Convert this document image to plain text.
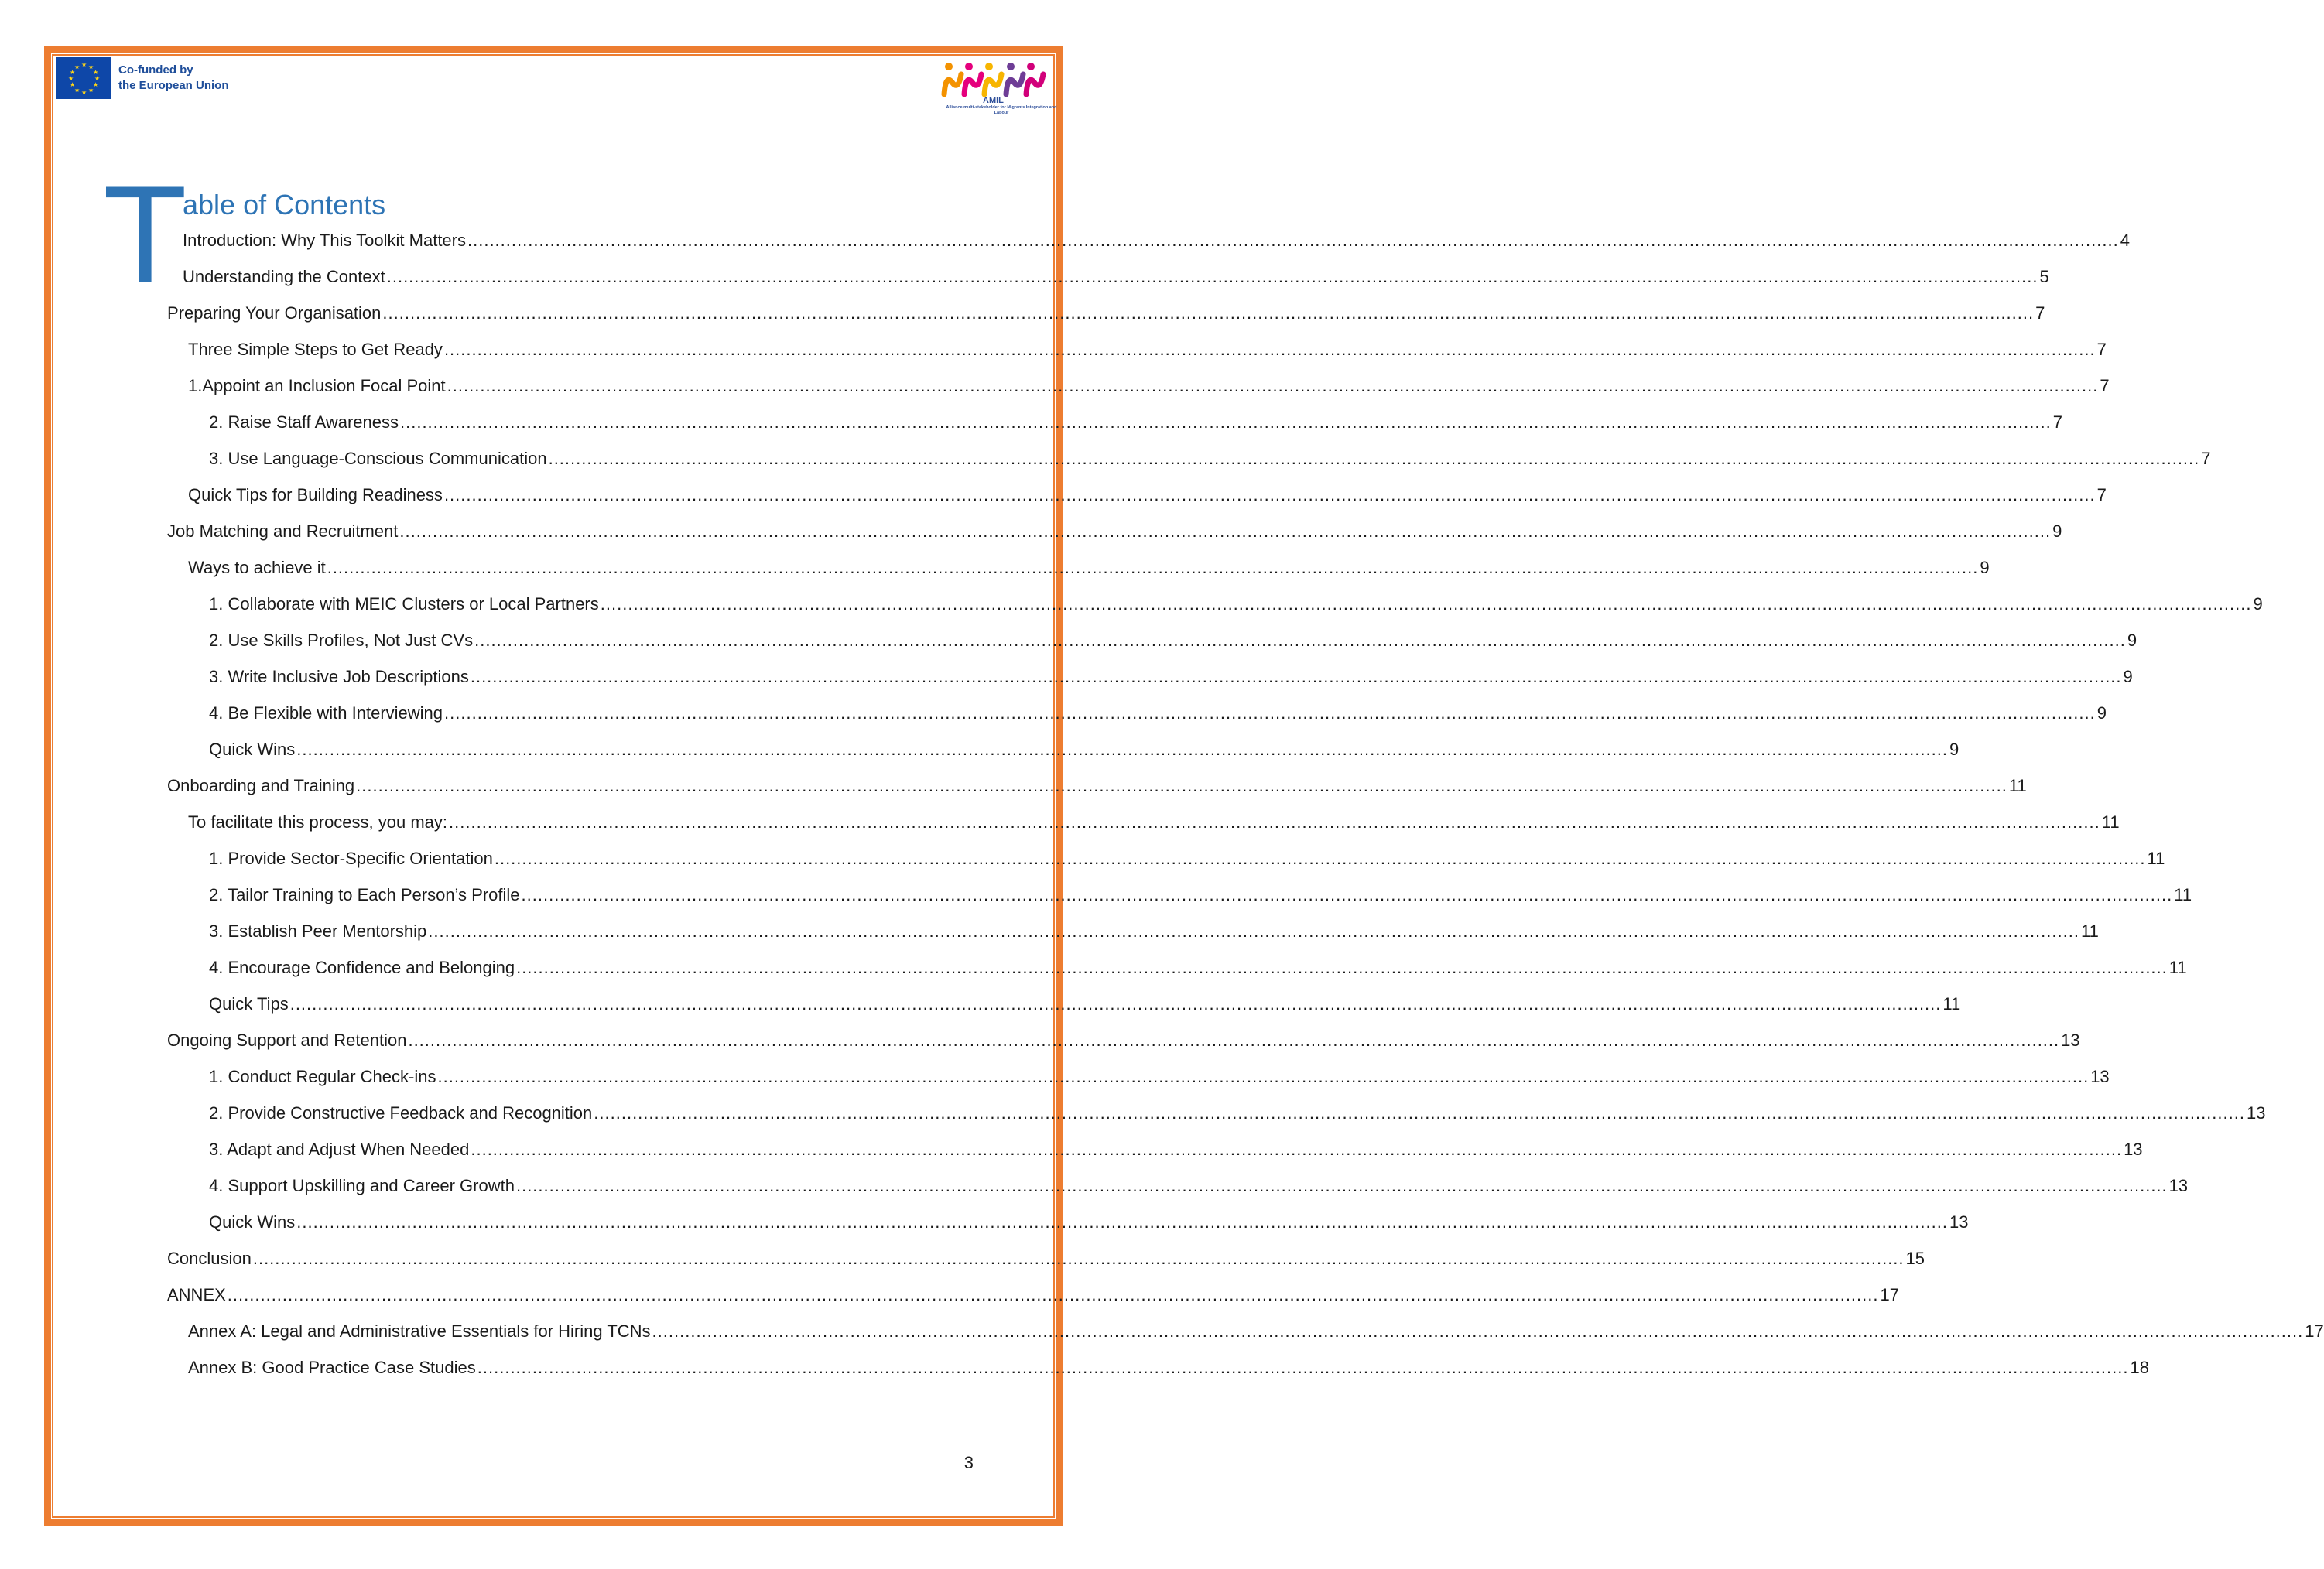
★ ★
★
★
★
★
★
★
★
★
★
★	Co-funded by
the European Union
AMIL
Alliance multi-stakeholder for Migrants Integration and Labour
T
able of Contents
Introduction: Why This Toolkit Matters ............................................................................................................................................................................................................................................................................................................ 4
Understanding the Context ............................................................................................................................................................................................................................................................................................................ 5
Preparing Your Organisation ............................................................................................................................................................................................................................................................................................................ 7
Three Simple Steps to Get Ready ............................................................................................................................................................................................................................................................................................................ 7
1.Appoint an Inclusion Focal Point ............................................................................................................................................................................................................................................................................................................ 7
2. Raise Staff Awareness ............................................................................................................................................................................................................................................................................................................ 7
3. Use Language-Conscious Communication ............................................................................................................................................................................................................................................................................................................ 7
Quick Tips for Building Readiness ............................................................................................................................................................................................................................................................................................................ 7
Job Matching and Recruitment ............................................................................................................................................................................................................................................................................................................ 9
Ways to achieve it ............................................................................................................................................................................................................................................................................................................ 9
1. Collaborate with MEIC Clusters or Local Partners ............................................................................................................................................................................................................................................................................................................ 9
2. Use Skills Profiles, Not Just CVs ............................................................................................................................................................................................................................................................................................................ 9
3. Write Inclusive Job Descriptions ............................................................................................................................................................................................................................................................................................................ 9
4. Be Flexible with Interviewing ............................................................................................................................................................................................................................................................................................................ 9
Quick Wins ............................................................................................................................................................................................................................................................................................................ 9
Onboarding and Training ............................................................................................................................................................................................................................................................................................................ 11
To facilitate this process, you may: ............................................................................................................................................................................................................................................................................................................ 11
1. Provide Sector-Specific Orientation ............................................................................................................................................................................................................................................................................................................ 11
2. Tailor Training to Each Person’s Profile ............................................................................................................................................................................................................................................................................................................ 11
3. Establish Peer Mentorship ............................................................................................................................................................................................................................................................................................................ 11
4. Encourage Confidence and Belonging ............................................................................................................................................................................................................................................................................................................ 11
Quick Tips ............................................................................................................................................................................................................................................................................................................ 11
Ongoing Support and Retention ............................................................................................................................................................................................................................................................................................................ 13
1. Conduct Regular Check-ins ............................................................................................................................................................................................................................................................................................................ 13
2. Provide Constructive Feedback and Recognition ............................................................................................................................................................................................................................................................................................................ 13
3. Adapt and Adjust When Needed ............................................................................................................................................................................................................................................................................................................ 13
4. Support Upskilling and Career Growth ............................................................................................................................................................................................................................................................................................................ 13
Quick Wins ............................................................................................................................................................................................................................................................................................................ 13
Conclusion ............................................................................................................................................................................................................................................................................................................ 15
ANNEX ............................................................................................................................................................................................................................................................................................................ 17
Annex A: Legal and Administrative Essentials for Hiring TCNs ............................................................................................................................................................................................................................................................................................................ 17
Annex B: Good Practice Case Studies ............................................................................................................................................................................................................................................................................................................ 18
3
